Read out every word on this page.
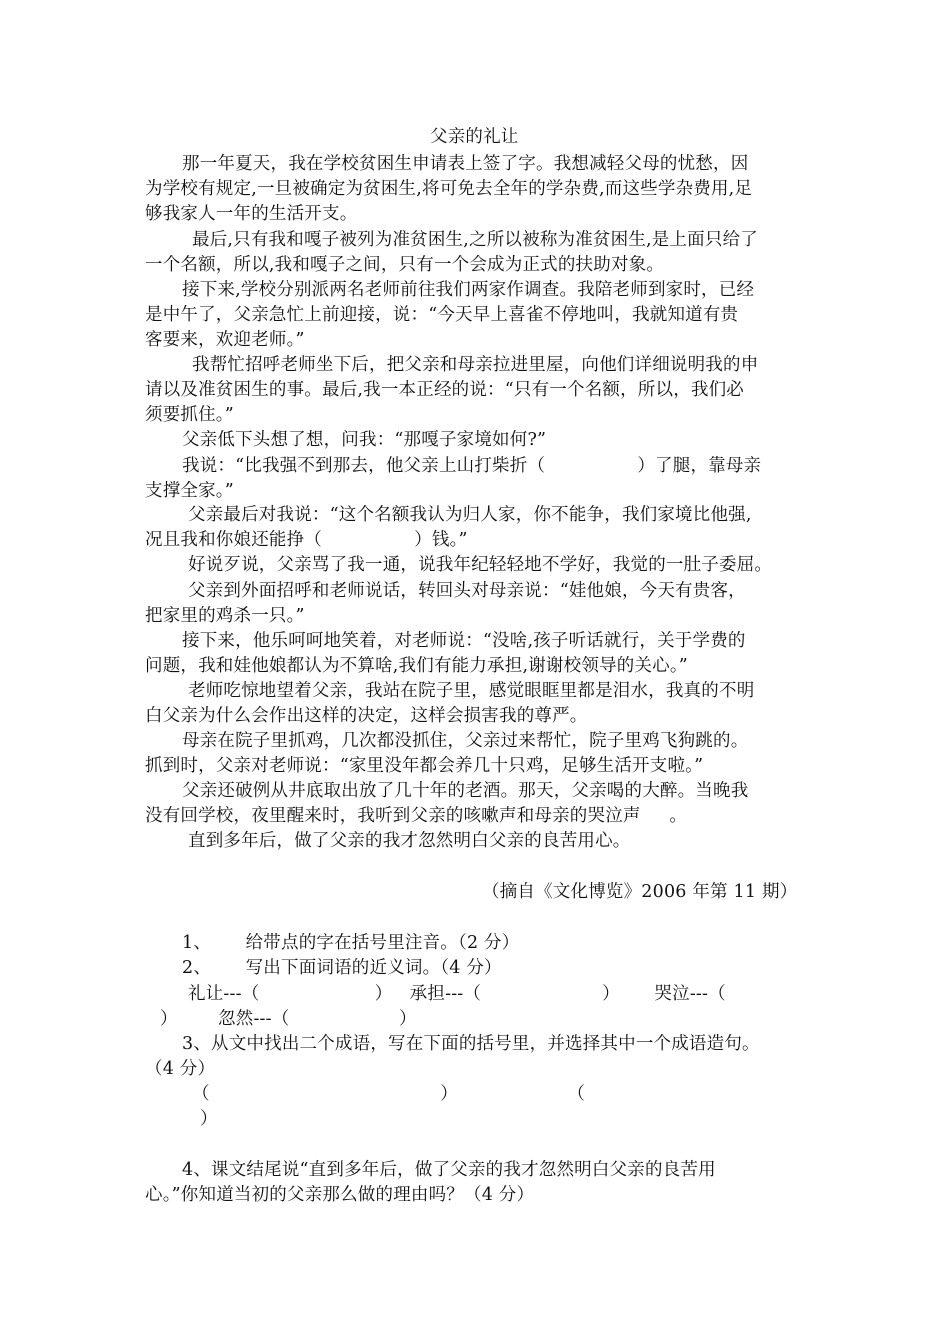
父亲的礼让
那一年夏天，我在学校贫困生申请表上签了字。我想减轻父母的忧愁，因
为学校有规定,一旦被确定为贫困生,将可免去全年的学杂费,而这些学杂费用,足
够我家人一年的生活开支。
最后,只有我和嘎子被列为准贫困生,之所以被称为准贫困生,是上面只给了
一个名额，所以,我和嘎子之间，只有一个会成为正式的扶助对象。
接下来,学校分别派两名老师前往我们两家作调查。我陪老师到家时，已经
是中午了，父亲急忙上前迎接，说：“今天早上喜雀不停地叫，我就知道有贵
客要来，欢迎老师。”
我帮忙招呼老师坐下后，把父亲和母亲拉进里屋，向他们详细说明我的申
请以及准贫困生的事。最后,我一本正经的说：“只有一个名额，所以，我们必
须要抓住。”
父亲低下头想了想，问我：“那嘎子家境如何?”
我说：“比我强不到那去，他父亲上山打柴折（                ）了腿，靠母亲
支撑全家。”
父亲最后对我说：“这个名额我认为归人家，你不能争，我们家境比他强,
况且我和你娘还能挣（                ）钱。”
好说歹说，父亲骂了我一通，说我年纪轻轻地不学好，我觉的一肚子委屈。
父亲到外面招呼和老师说话，转回头对母亲说：“娃他娘，今天有贵客，
把家里的鸡杀一只。”
接下来，他乐呵呵地笑着，对老师说：“没啥,孩子听话就行，关于学费的
问题，我和娃他娘都认为不算啥,我们有能力承担,谢谢校领导的关心。”
老师吃惊地望着父亲，我站在院子里，感觉眼眶里都是泪水，我真的不明
白父亲为什么会作出这样的决定，这样会损害我的尊严。
母亲在院子里抓鸡，几次都没抓住，父亲过来帮忙，院子里鸡飞狗跳的。
抓到时，父亲对老师说：“家里没年都会养几十只鸡，足够生活开支啦。”
父亲还破例从井底取出放了几十年的老酒。那天，父亲喝的大醉。当晚我
没有回学校，夜里醒来时，我听到父亲的咳嗽声和母亲的哭泣声     。
直到多年后，做了父亲的我才忽然明白父亲的良苦用心。
（摘自《文化博览》2006 年第 11 期）
1、      给带点的字在括号里注音。（2 分）
2、      写出下面词语的近义词。（4 分）
礼让---（                    ）   承担---（                     ）      哭泣---（
）       忽然---（                   ）
3、从文中找出二个成语，写在下面的括号里，并选择其中一个成语造句。
（4 分）
（                                        ）                   （
）
4、课文结尾说“直到多年后，做了父亲的我才忽然明白父亲的良苦用
心。”你知道当初的父亲那么做的理由吗？（4 分）
